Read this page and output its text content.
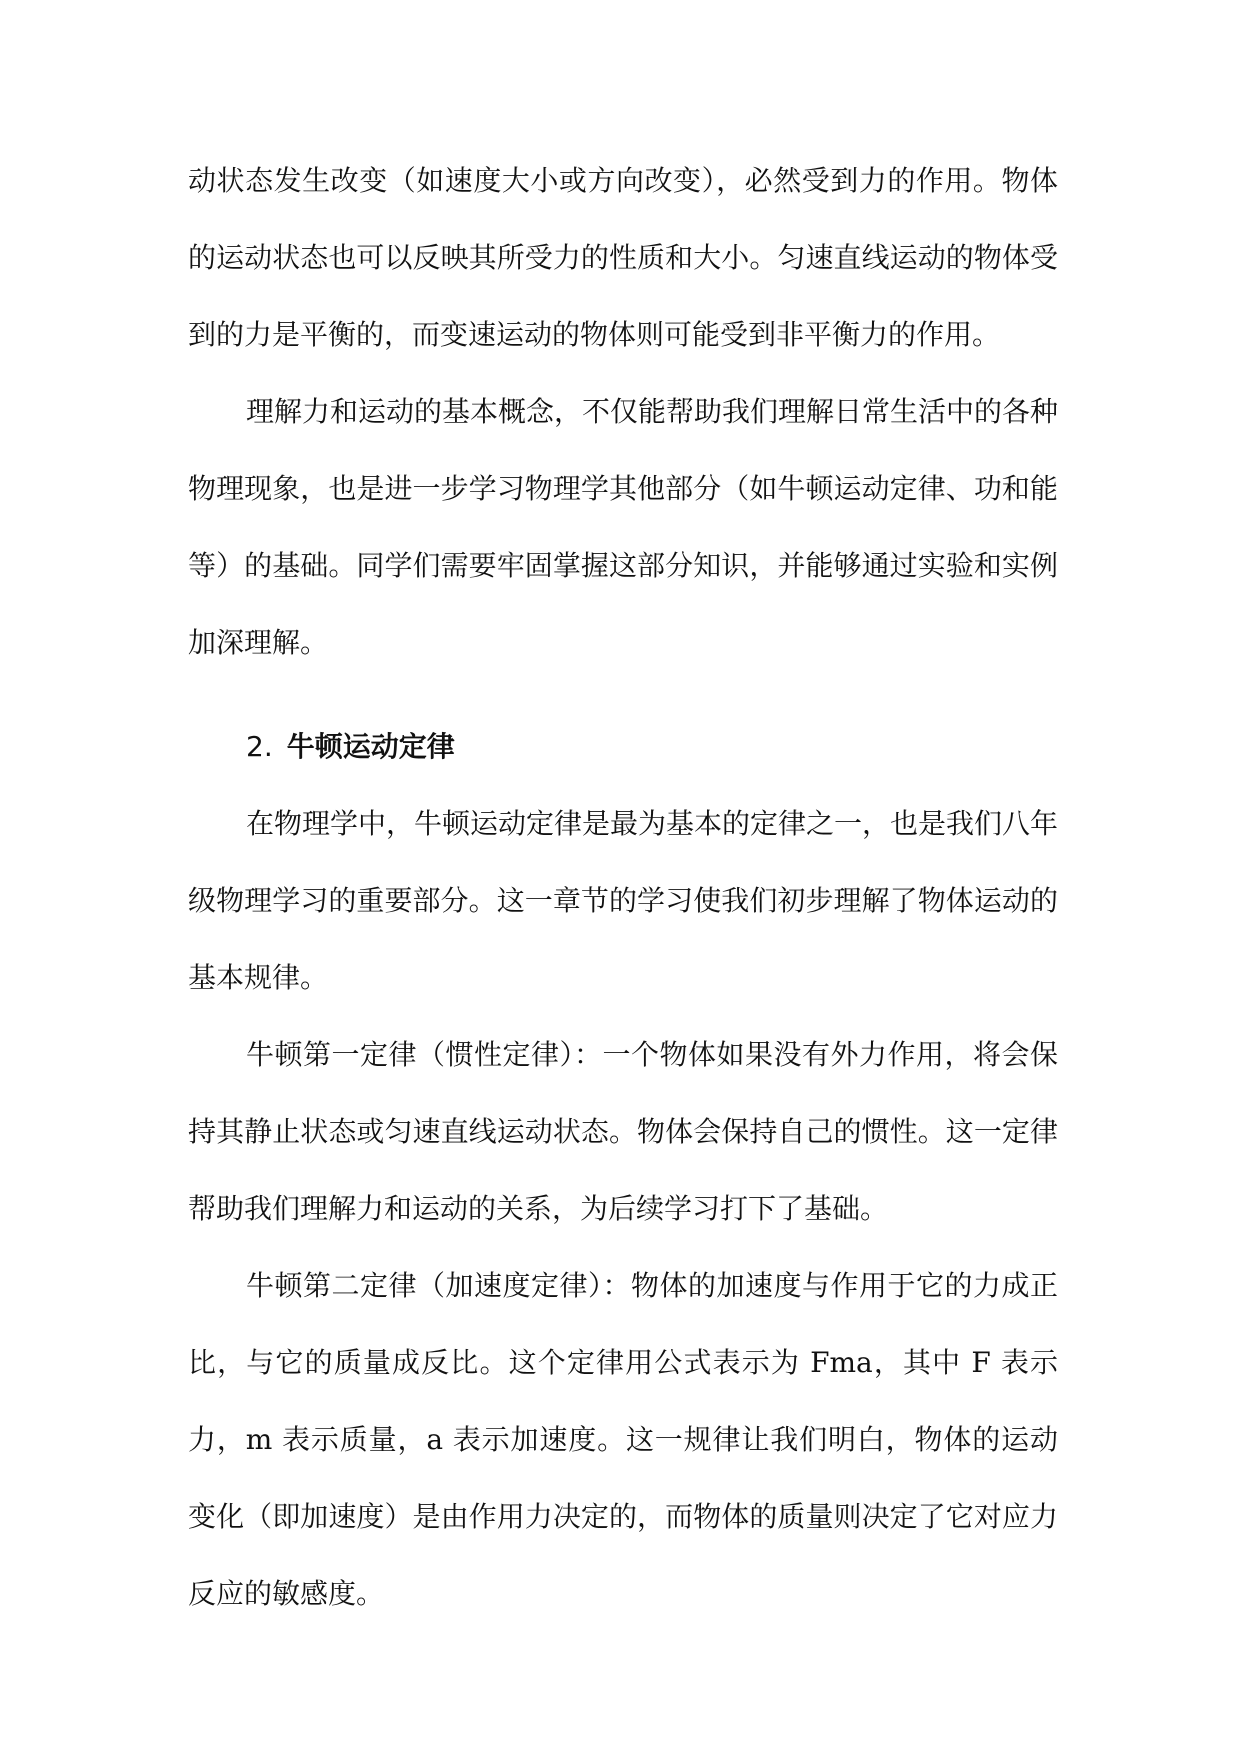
动状态发生改变（如速度大小或方向改变），必然受到力的作用。物体的运动状态也可以反映其所受力的性质和大小。匀速直线运动的物体受到的力是平衡的，而变速运动的物体则可能受到非平衡力的作用。

理解力和运动的基本概念，不仅能帮助我们理解日常生活中的各种物理现象，也是进一步学习物理学其他部分（如牛顿运动定律、功和能等）的基础。同学们需要牢固掌握这部分知识，并能够通过实验和实例加深理解。

2. 牛顿运动定律

在物理学中，牛顿运动定律是最为基本的定律之一，也是我们八年级物理学习的重要部分。这一章节的学习使我们初步理解了物体运动的基本规律。

牛顿第一定律（惯性定律）：一个物体如果没有外力作用，将会保持其静止状态或匀速直线运动状态。物体会保持自己的惯性。这一定律帮助我们理解力和运动的关系，为后续学习打下了基础。

牛顿第二定律（加速度定律）：物体的加速度与作用于它的力成正比，与它的质量成反比。这个定律用公式表示为 Fma，其中 F 表示力，m 表示质量，a 表示加速度。这一规律让我们明白，物体的运动变化（即加速度）是由作用力决定的，而物体的质量则决定了它对应力反应的敏感度。
